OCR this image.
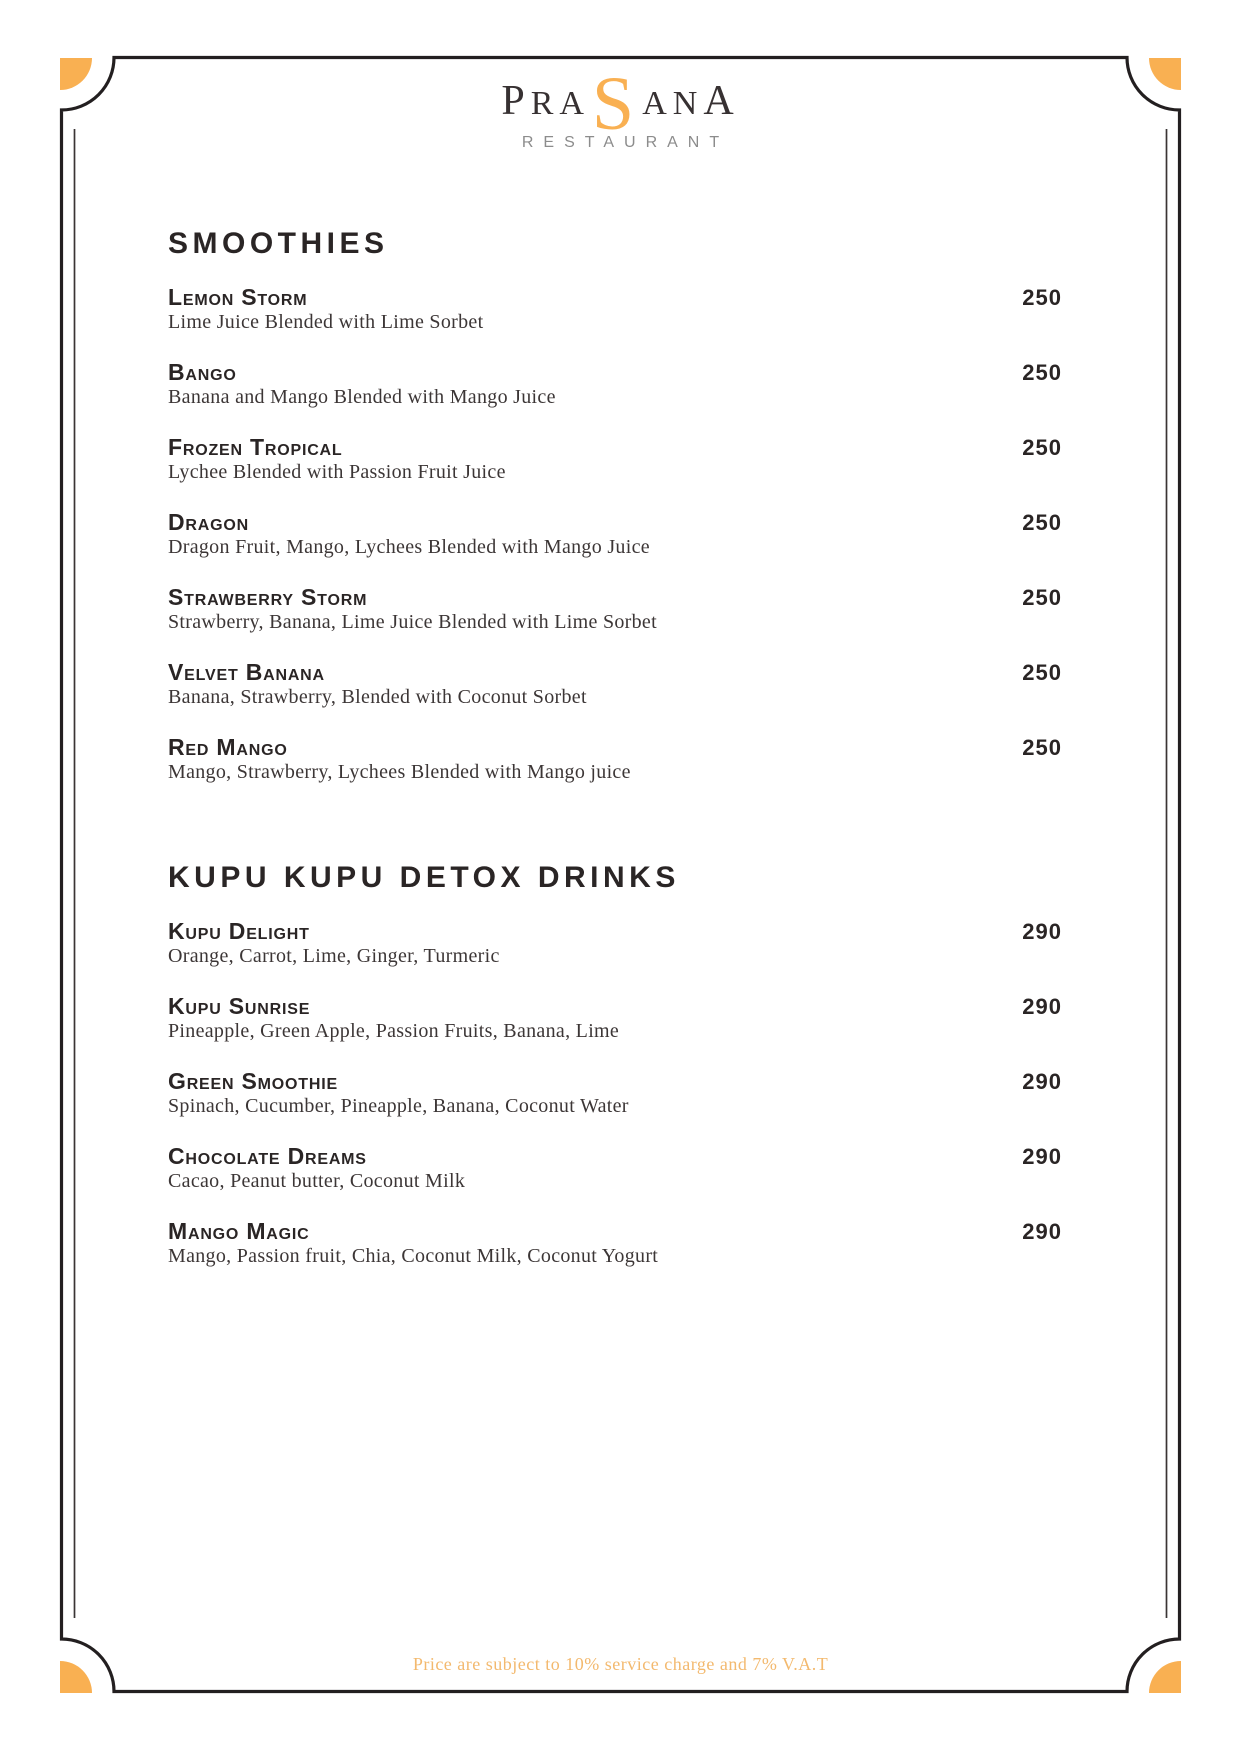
PRASANA
RESTAURANT
SMOOTHIES
Lemon Storm	250
Lime Juice Blended with Lime Sorbet
Bango	250
Banana and Mango Blended with Mango Juice
Frozen Tropical	250
Lychee Blended with Passion Fruit Juice
Dragon	250
Dragon Fruit, Mango, Lychees Blended with Mango Juice
Strawberry Storm	250
Strawberry, Banana, Lime Juice Blended with Lime Sorbet
Velvet Banana	250
Banana, Strawberry, Blended with Coconut Sorbet
Red Mango	250
Mango, Strawberry, Lychees Blended with Mango juice
KUPU KUPU DETOX DRINKS
Kupu Delight	290
Orange, Carrot, Lime, Ginger, Turmeric
Kupu Sunrise	290
Pineapple, Green Apple, Passion Fruits, Banana, Lime
Green Smoothie	290
Spinach, Cucumber, Pineapple, Banana, Coconut Water
Chocolate Dreams	290
Cacao, Peanut butter, Coconut Milk
Mango Magic	290
Mango, Passion fruit, Chia, Coconut Milk, Coconut Yogurt
Price are subject to 10% service charge and 7% V.A.T
